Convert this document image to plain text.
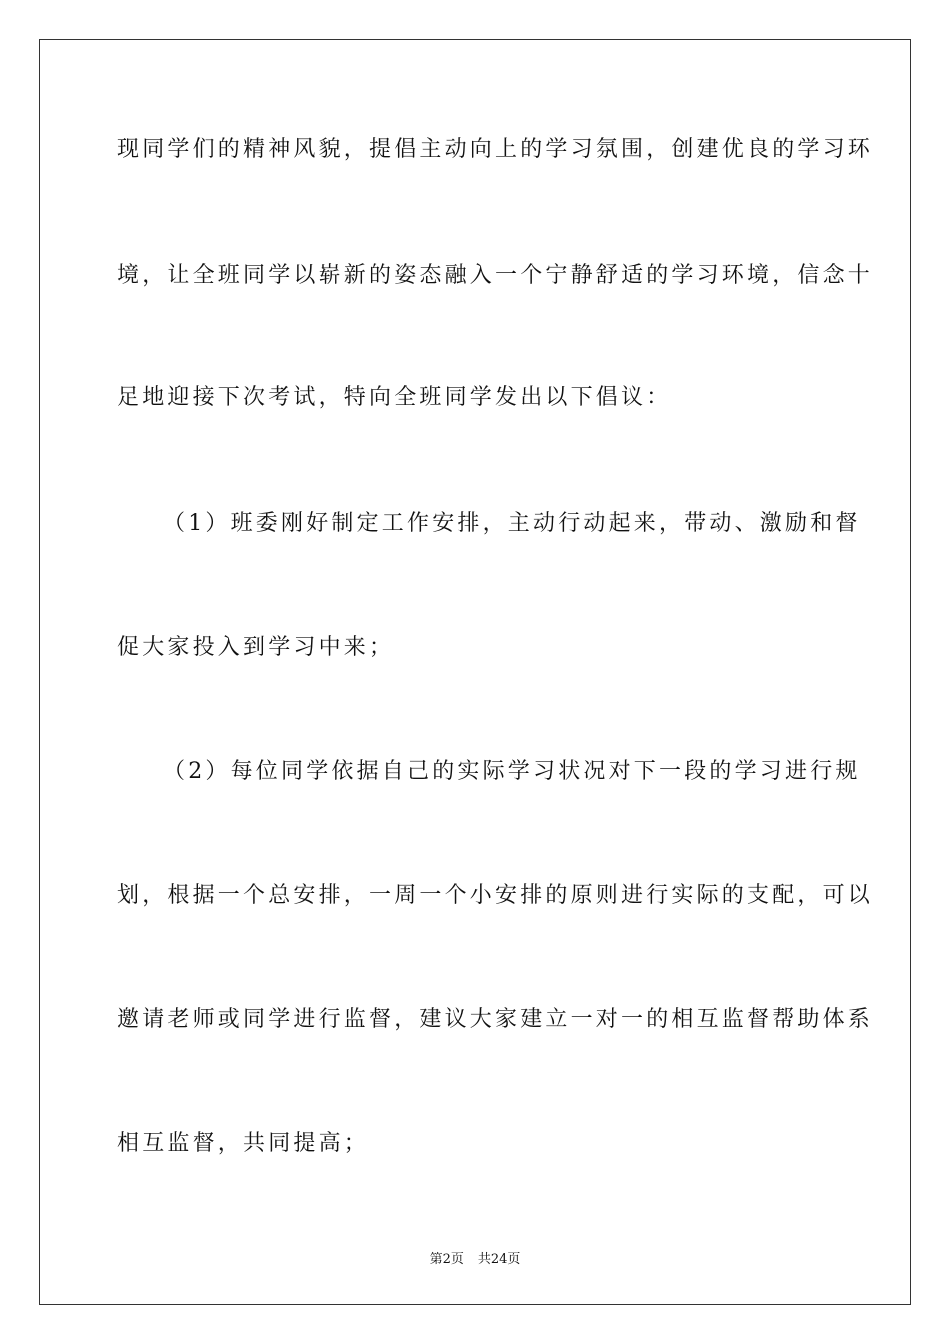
现同学们的精神风貌，提倡主动向上的学习氛围，创建优良的学习环
境，让全班同学以崭新的姿态融入一个宁静舒适的学习环境，信念十
足地迎接下次考试，特向全班同学发出以下倡议：
（1）班委刚好制定工作安排，主动行动起来，带动、激励和督
促大家投入到学习中来；
（2）每位同学依据自己的实际学习状况对下一段的学习进行规
划，根据一个总安排，一周一个小安排的原则进行实际的支配，可以
邀请老师或同学进行监督，建议大家建立一对一的相互监督帮助体系
相互监督，共同提高；
第2页 共24页
